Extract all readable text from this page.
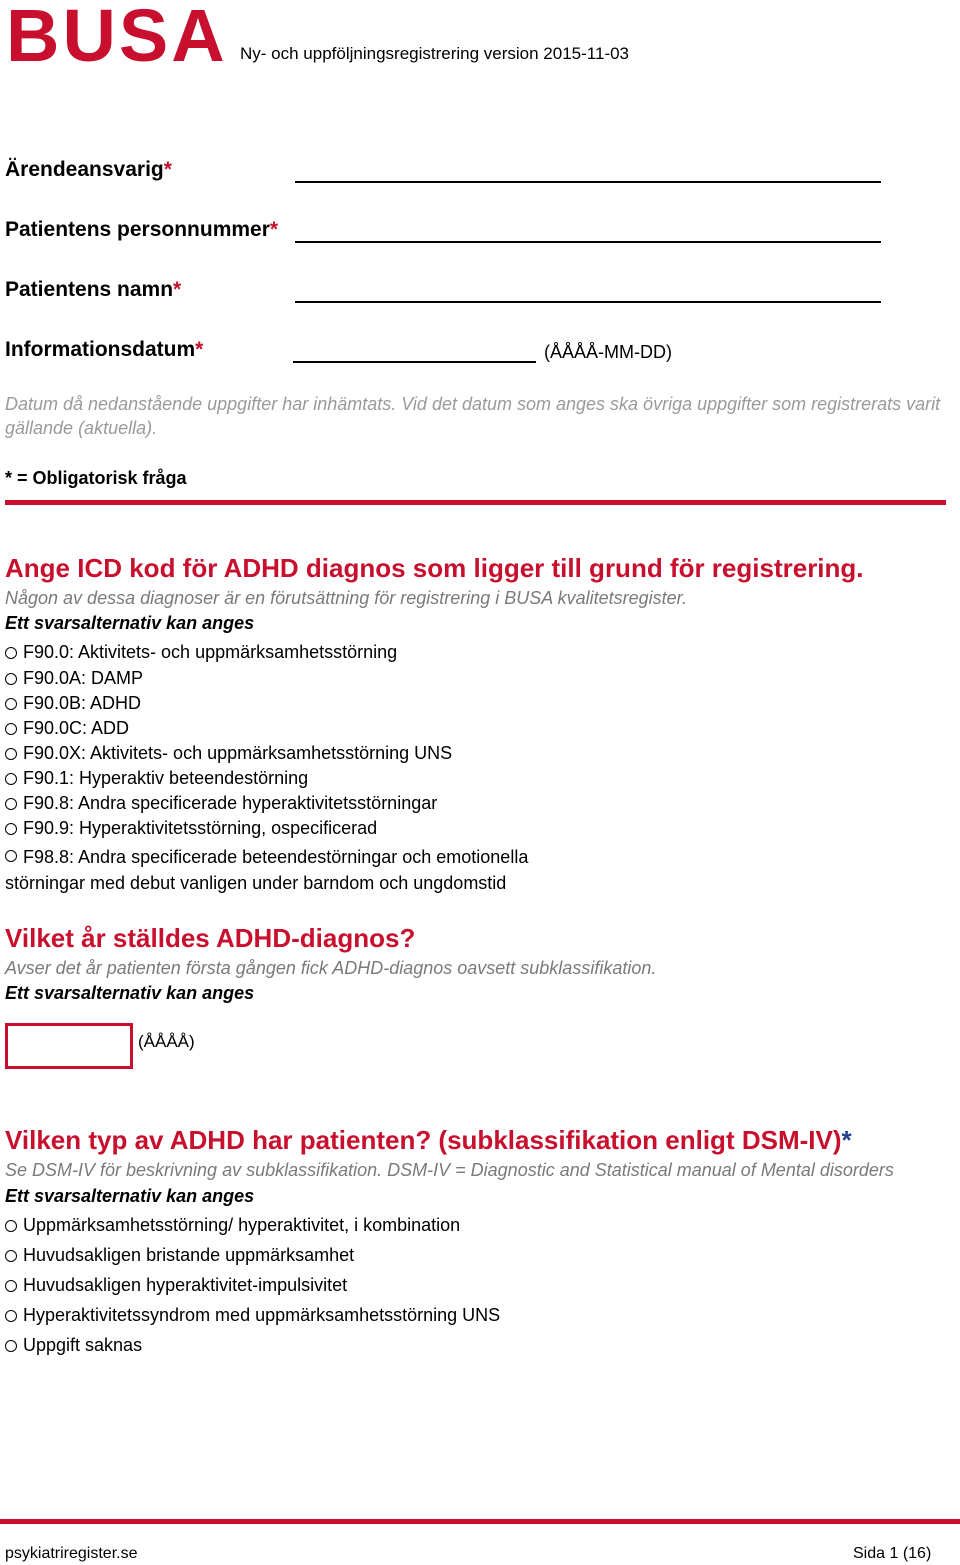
BUSA Ny- och uppföljningsregistrering version 2015-11-03
Ärendeansvarig*
Patientens personnummer*
Patientens namn*
Informationsdatum*	(ÅÅÅÅ-MM-DD)
Datum då nedanstående uppgifter har inhämtats. Vid det datum som anges ska övriga uppgifter som registrerats varit gällande (aktuella).
* = Obligatorisk fråga
Ange ICD kod för ADHD diagnos som ligger till grund för registrering.
Någon av dessa diagnoser är en förutsättning för registrering i BUSA kvalitetsregister.
Ett svarsalternativ kan anges
F90.0: Aktivitets- och uppmärksamhetsstörning
F90.0A: DAMP
F90.0B: ADHD
F90.0C: ADD
F90.0X: Aktivitets- och uppmärksamhetsstörning UNS
F90.1: Hyperaktiv beteendestörning
F90.8: Andra specificerade hyperaktivitetsstörningar
F90.9: Hyperaktivitetsstörning, ospecificerad
F98.8: Andra specificerade beteendestörningar och emotionella störningar med debut vanligen under barndom och ungdomstid
Vilket år ställdes ADHD-diagnos?
Avser det år patienten första gången fick ADHD-diagnos oavsett subklassifikation.
Ett svarsalternativ kan anges
(ÅÅÅÅ)
Vilken typ av ADHD har patienten? (subklassifikation enligt DSM-IV)*
Se DSM-IV för beskrivning av subklassifikation. DSM-IV = Diagnostic and Statistical manual of Mental disorders
Ett svarsalternativ kan anges
Uppmärksamhetsstörning/ hyperaktivitet, i kombination
Huvudsakligen bristande uppmärksamhet
Huvudsakligen hyperaktivitet-impulsivitet
Hyperaktivitetssyndrom med uppmärksamhetsstörning UNS
Uppgift saknas
psykiatriregister.se	Sida 1 (16)
